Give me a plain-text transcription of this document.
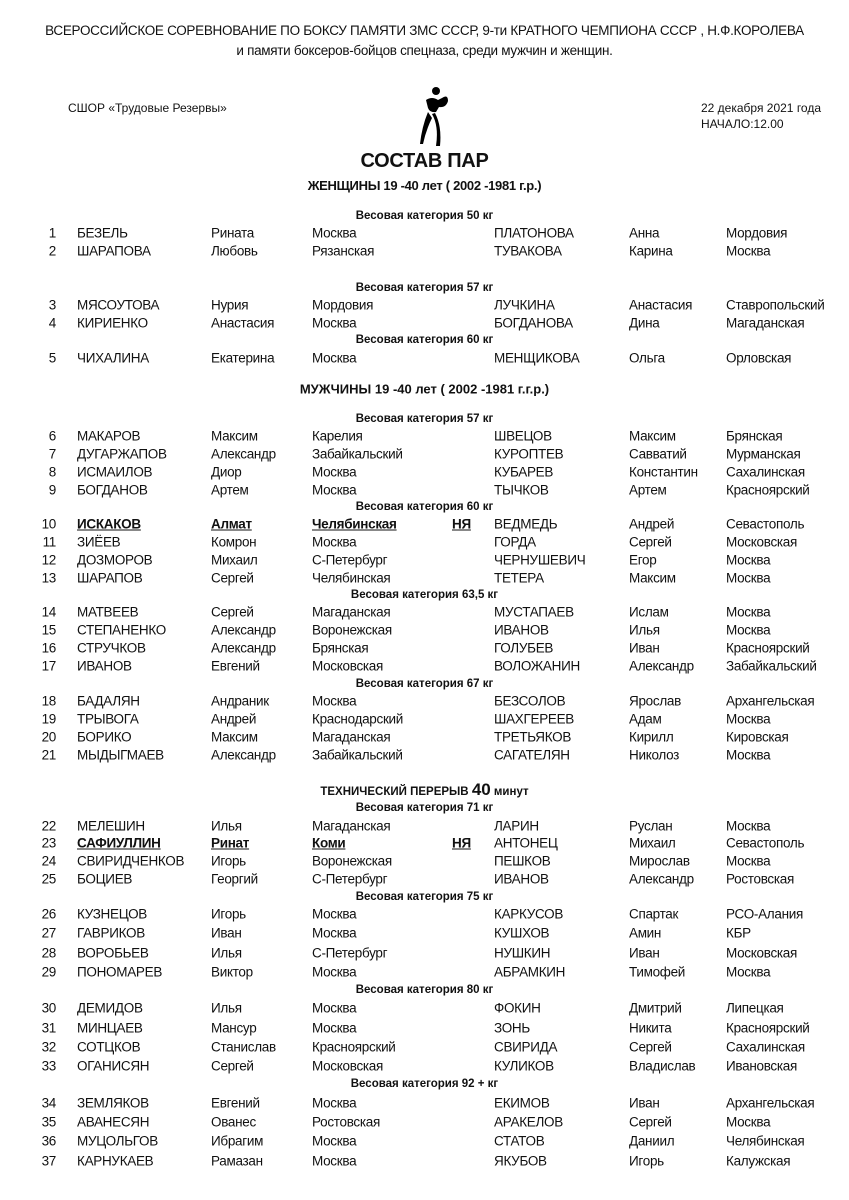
ВСЕРОССИЙСКОЕ СОРЕВНОВАНИЕ ПО БОКСУ ПАМЯТИ ЗМС СССР, 9-ти КРАТНОГО ЧЕМПИОНА СССР , Н.Ф.КОРОЛЕВА
и памяти боксеров-бойцов спецназа, среди мужчин и женщин.
СШОР «Трудовые Резервы»	22 декабря 2021 года
НАЧАЛО:12.00
СОСТАВ ПАР
ЖЕНЩИНЫ 19 -40 лет ( 2002 -1981 г.р.)
Весовая категория 50 кг
1 БЕЗЕЛЬ	Рината	Москва	ПЛАТОНОВА	Анна	Мордовия
2 ШАРАПОВА	Любовь	Рязанская	ТУВАКОВА	Карина	Москва
Весовая категория 57 кг
3 МЯСОУТОВА	Нурия	Мордовия	ЛУЧКИНА	Анастасия	Ставропольский
4 КИРИЕНКО	Анастасия	Москва	БОГДАНОВА	Дина	Магаданская
Весовая категория 60 кг
5 ЧИХАЛИНА	Екатерина	Москва	МЕНЩИКОВА	Ольга	Орловская
МУЖЧИНЫ 19 -40 лет ( 2002 -1981 г.г.р.)
Весовая категория 57 кг
6 МАКАРОВ	Максим	Карелия	ШВЕЦОВ	Максим	Брянская
7 ДУГАРЖАПОВ	Александр	Забайкальский	КУРОПТЕВ	Савватий	Мурманская
8 ИСМАИЛОВ	Диор	Москва	КУБАРЕВ	Константин Сахалинская
9 БОГДАНОВ	Артем	Москва	ТЫЧКОВ	Артем	Красноярский
Весовая категория 60 кг
10 ИСКАКОВ	Алмат	Челябинская	НЯ ВЕДМЕДЬ	Андрей	Севастополь
11 ЗИЁЕВ	Комрон	Москва	ГОРДА	Сергей	Московская
12 ДОЗМОРОВ	Михаил	С-Петербург	ЧЕРНУШЕВИЧ	Егор	Москва
13 ШАРАПОВ	Сергей	Челябинская	ТЕТЕРА	Максим	Москва
Весовая категория 63,5 кг
14 МАТВЕЕВ	Сергей	Магаданская	МУСТАПАЕВ	Ислам	Москва
15 СТЕПАНЕНКО	Александр	Воронежская	ИВАНОВ	Илья	Москва
16 СТРУЧКОВ	Александр	Брянская	ГОЛУБЕВ	Иван	Красноярский
17 ИВАНОВ	Евгений	Московская	ВОЛОЖАНИН	Александр Забайкальский
Весовая категория 67 кг
18 БАДАЛЯН	Андраник	Москва	БЕЗСОЛОВ	Ярослав	Архангельская
19 ТРЫВОГА	Андрей	Краснодарский	ШАХГЕРЕЕВ	Адам	Москва
20 БОРИКО	Максим	Магаданская	ТРЕТЬЯКОВ	Кирилл	Кировская
21 МЫДЫГМАЕВ	Александр	Забайкальский	САГАТЕЛЯН	Николоз	Москва
ТЕХНИЧЕСКИЙ ПЕРЕРЫВ 40 минут
Весовая категория 71 кг
22 МЕЛЕШИН	Илья	Магаданская	ЛАРИН	Руслан	Москва
23 САФИУЛЛИН	Ринат	Коми	НЯ АНТОНЕЦ	Михаил	Севастополь
24 СВИРИДЧЕНКОВ Игорь	Воронежская	ПЕШКОВ	Мирослав	Москва
25 БОЦИЕВ	Георгий	С-Петербург	ИВАНОВ	Александр Ростовская
Весовая категория 75 кг
26 КУЗНЕЦОВ	Игорь	Москва	КАРКУСОВ	Спартак	РСО-Алания
27 ГАВРИКОВ	Иван	Москва	КУШХОВ	Амин	КБР
28 ВОРОБЬЕВ	Илья	С-Петербург	НУШКИН	Иван	Московская
29 ПОНОМАРЕВ	Виктор	Москва	АБРАМКИН	Тимофей	Москва
Весовая категория 80 кг
30 ДЕМИДОВ	Илья	Москва	ФОКИН	Дмитрий	Липецкая
31 МИНЦАЕВ	Мансур	Москва	ЗОНЬ	Никита	Красноярский
32 СОТЦКОВ	Станислав	Красноярский	СВИРИДА	Сергей	Сахалинская
33 ОГАНИСЯН	Сергей	Московская	КУЛИКОВ	Владислав Ивановская
Весовая категория 92 + кг
34 ЗЕМЛЯКОВ	Евгений	Москва	ЕКИМОВ	Иван	Архангельская
35 АВАНЕСЯН	Ованес	Ростовская	АРАКЕЛОВ	Сергей	Москва
36 МУЦОЛЬГОВ	Ибрагим	Москва	СТАТОВ	Даниил	Челябинская
37 КАРНУКАЕВ	Рамазан	Москва	ЯКУБОВ	Игорь	Калужская
